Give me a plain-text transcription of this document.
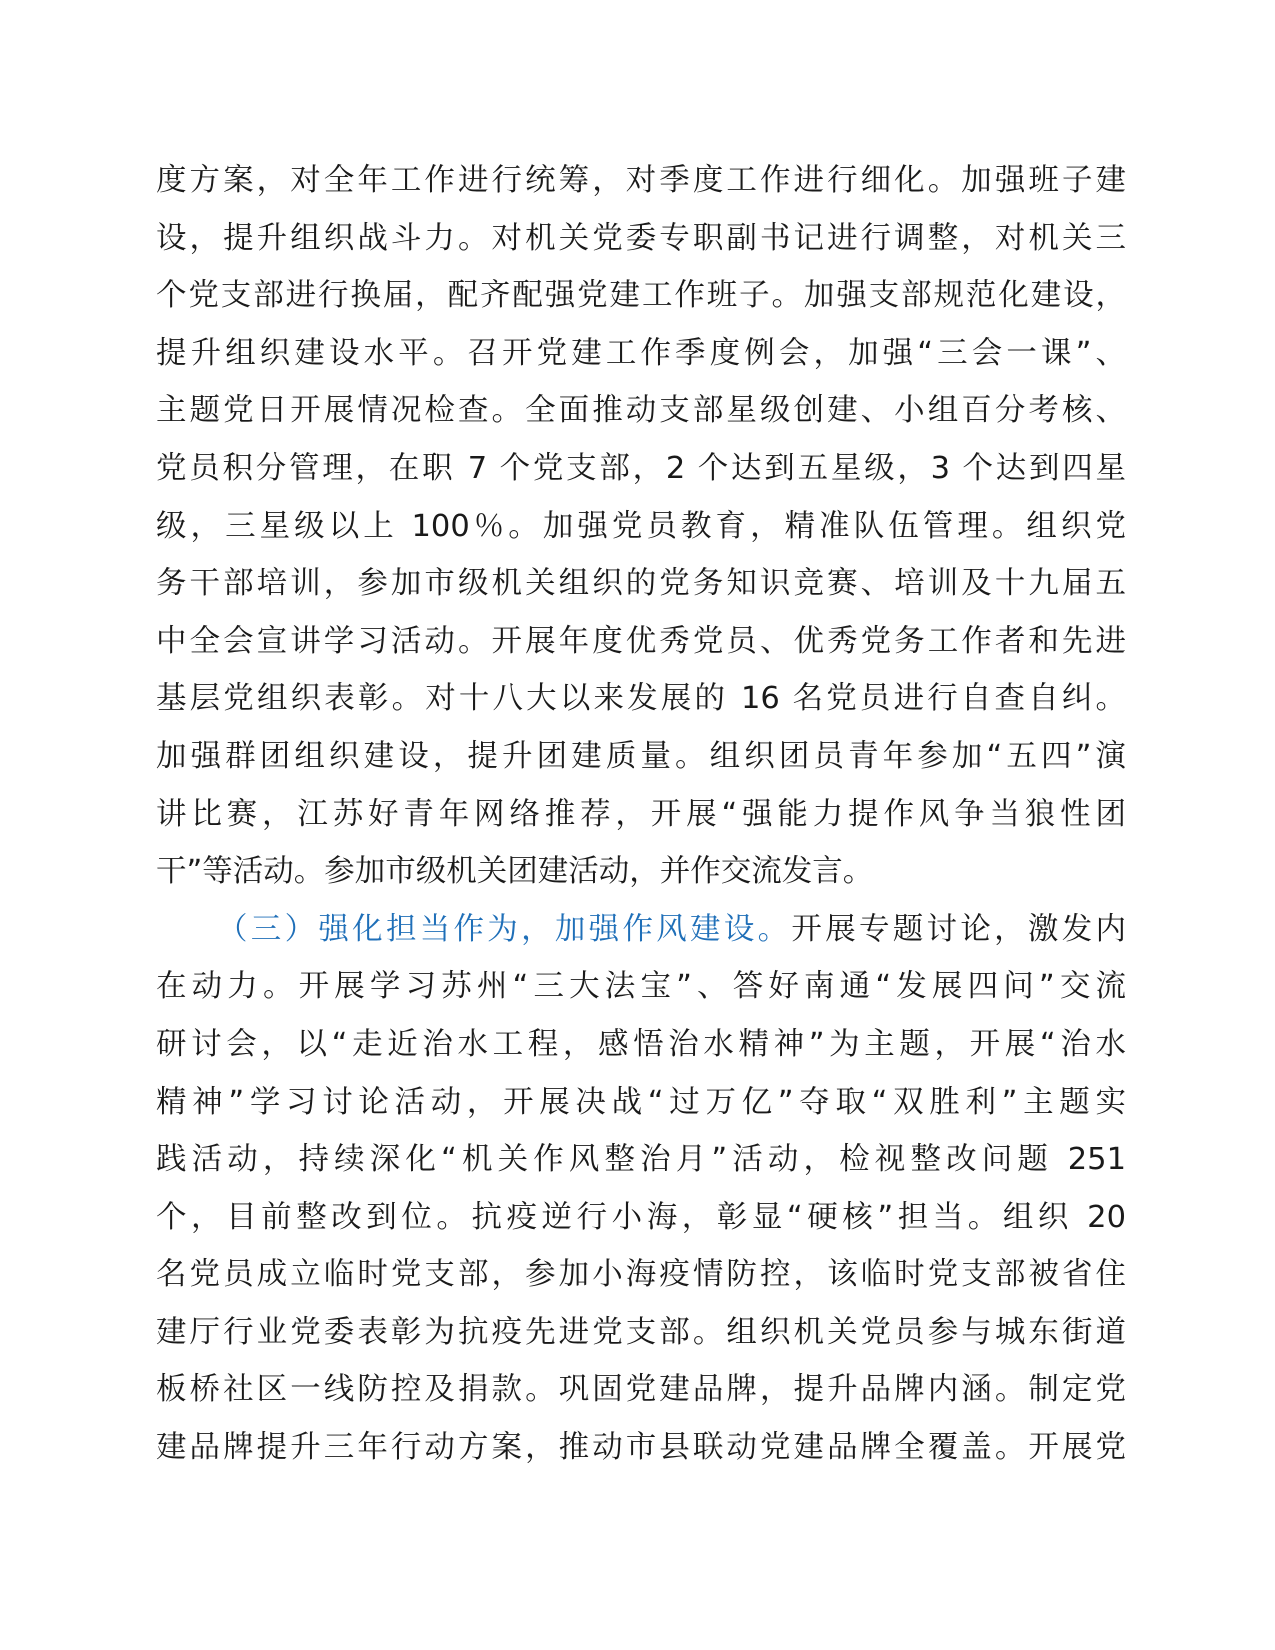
度方案，对全年工作进行统筹，对季度工作进行细化。加强班子建
设，提升组织战斗力。对机关党委专职副书记进行调整，对机关三
个党支部进行换届，配齐配强党建工作班子。加强支部规范化建设，
提升组织建设水平。召开党建工作季度例会，加强“三会一课”、
主题党日开展情况检查。全面推动支部星级创建、小组百分考核、
党员积分管理，在职 7 个党支部，2 个达到五星级，3 个达到四星
级，三星级以上 100％。加强党员教育，精准队伍管理。组织党
务干部培训，参加市级机关组织的党务知识竞赛、培训及十九届五
中全会宣讲学习活动。开展年度优秀党员、优秀党务工作者和先进
基层党组织表彰。对十八大以来发展的 16 名党员进行自查自纠。
加强群团组织建设，提升团建质量。组织团员青年参加“五四”演
讲比赛，江苏好青年网络推荐，开展“强能力提作风争当狼性团
干”等活动。参加市级机关团建活动，并作交流发言。
（三）强化担当作为，加强作风建设。开展专题讨论，激发内
在动力。开展学习苏州“三大法宝”、答好南通“发展四问”交流
研讨会，以“走近治水工程，感悟治水精神”为主题，开展“治水
精神”学习讨论活动，开展决战“过万亿”夺取“双胜利”主题实
践活动，持续深化“机关作风整治月”活动，检视整改问题 251
个，目前整改到位。抗疫逆行小海，彰显“硬核”担当。组织 20
名党员成立临时党支部，参加小海疫情防控，该临时党支部被省住
建厅行业党委表彰为抗疫先进党支部。组织机关党员参与城东街道
板桥社区一线防控及捐款。巩固党建品牌，提升品牌内涵。制定党
建品牌提升三年行动方案，推动市县联动党建品牌全覆盖。开展党
